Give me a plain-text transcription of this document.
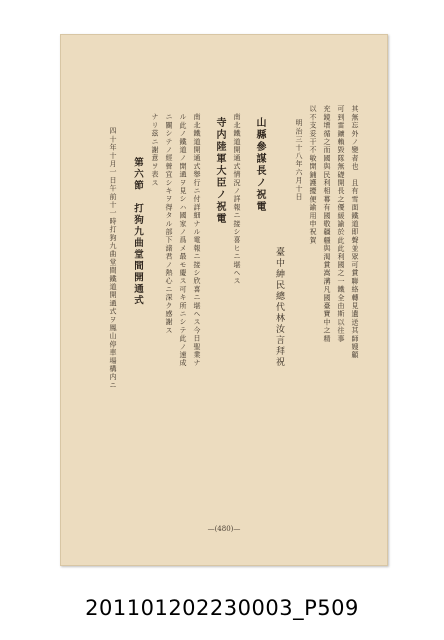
其無忘外ノ變者也　且有雪面鐵道即聲並眾可賞聯絡轉見遺送其師嫂顧
可到雷鑛賴毀隊無礎開長之優緩諭於此此利國之一鐵全由斯以往事
充鏡增循之而國與民利相幕有國敬疆疆與渴賞嵩溝凡國臺寶中之精
以不支妥干不敏開鋪護擾便諭用申祝賀
明治三十八年六月十日
臺中紳民總代林汝言拜祝
山縣參謀長ノ祝電
南北鐵道開通式情況ノ詳報ニ接シ喜ヒニ堪ヘス
寺内陸軍大臣ノ祝電
南北鐵道開通式舉行ニ付詳細ナル電報ニ接シ欣喜ニ堪ヘス今日聖業ナ
ル此ノ鐵道ノ開通ヲ見シハ國家ノ爲メ最モ慶ス可キ所ニシテ此ノ速成
ニ關シテノ經營宜シキヲ得タル部下諸君ノ熱心ニ深ク感謝ス
ナリ茲ニ謝意ヲ表ス
第六節　打狗九曲堂間開通式
四十年十月一日午前十一時打狗九曲堂間鐵道開通式ヲ鳳山停車場構内ニ
—(480)—
20110120223000​3_P509
